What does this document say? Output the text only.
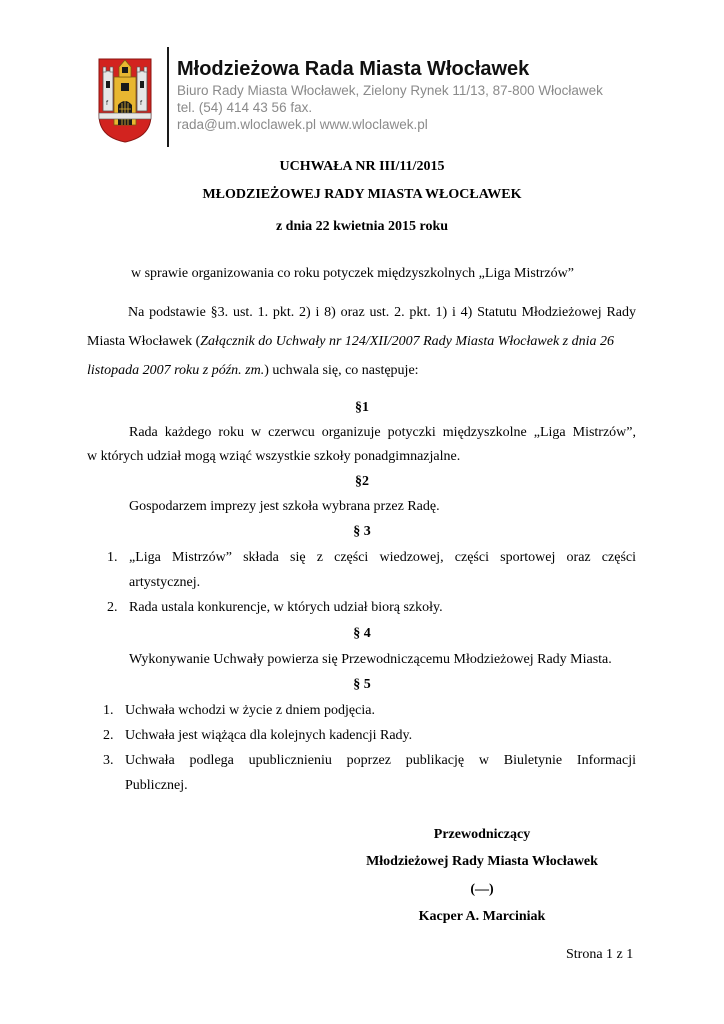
f	f
Młodzieżowa Rada Miasta Włocławek
Biuro Rady Miasta Włocławek, Zielony Rynek 11/13, 87-800 Włocławek
tel. (54) 414 43 56 fax.
rada@um.wloclawek.pl www.wloclawek.pl
UCHWAŁA NR III/11/2015
MŁODZIEŻOWEJ RADY MIASTA WŁOCŁAWEK
z dnia 22 kwietnia 2015 roku
w sprawie organizowania co roku potyczek międzyszkolnych „Liga Mistrzów”
Na podstawie §3. ust. 1. pkt. 2) i 8) oraz ust. 2. pkt. 1) i 4) Statutu Młodzieżowej Rady
Miasta Włocławek (Załącznik do Uchwały nr 124/XII/2007 Rady Miasta Włocławek z dnia 26
listopada 2007 roku z późn. zm.) uchwala się, co następuje:
§1
Rada każdego roku w czerwcu organizuje potyczki międzyszkolne „Liga Mistrzów”,
w których udział mogą wziąć wszystkie szkoły ponadgimnazjalne.
§2
Gospodarzem imprezy jest szkoła wybrana przez Radę.
§ 3
1. „Liga Mistrzów” składa się z części wiedzowej, części sportowej oraz części
artystycznej.
2. Rada ustala konkurencje, w których udział biorą szkoły.
§ 4
Wykonywanie Uchwały powierza się Przewodniczącemu Młodzieżowej Rady Miasta.
§ 5
1. Uchwała wchodzi w życie z dniem podjęcia.
2. Uchwała jest wiążąca dla kolejnych kadencji Rady.
3. Uchwała podlega upublicznieniu poprzez publikację w Biuletynie Informacji
Publicznej.
Przewodniczący
Młodzieżowej Rady Miasta Włocławek
(—)
Kacper A. Marciniak
Strona 1 z 1
